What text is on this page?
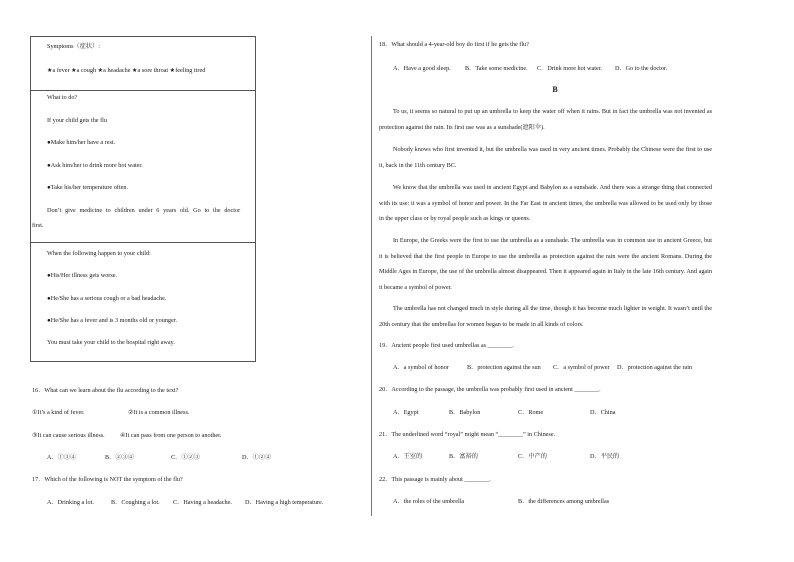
Symptoms（症状）:
★a fever ★a cough ★a headache ★a sore throat ★feeling tired
What to do?
If your child gets the flu
●Make him/her have a rest.
●Ask him/her to drink more hot water.
●Take his/her temperature often.
Don’t give medicine to children under 6 years old. Go to the doctor
first.
When the following happen to your child:
●His/Her illness gets worse.
●He/She has a serious cough or a bad headache.
●He/She has a fever and is 3 months old or younger.
You must take your child to the hospital right away.
16．What can we learn about the flu according to the text?
①It’s a kind of fever.	②It is a common illness.
③It can cause serious illness. ④It can pass from one person to another.
A．①③④	B．②③④	C．①②③	D．①②④
17．Which of the following is NOT the symptom of the flu?
A．Drinking a lot.	B．Coughing a lot. C．Having a headache. D．Having a high temperature.
18．What should a 4-year-old boy do first if he gets the flu?
A．Have a good sleep. B．Take some medicine. C．Drink more hot water. D．Go to the doctor.
B
To us, it seems so natural to put up an umbrella to keep the water off when it rains. But in fact the umbrella was not invented as protection against the rain. Its first use was as a sunshade(遮阳伞).
Nobody knows who first invented it, but the umbrella was used in very ancient times. Probably the Chinese were the first to use it, back in the 11th century BC.
We know that the umbrella was used in ancient Egypt and Babylon as a sunshade. And there was a strange thing that connected with its use: it was a symbol of honor and power. In the Far East in ancient times, the umbrella was allowed to be used only by those in the upper class or by royal people such as kings or queens.
In Europe, the Greeks were the first to use the umbrella as a sunshade. The umbrella was in common use in ancient Greece, but it is believed that the first people in Europe to use the umbrella as protection against the rain were the ancient Romans. During the Middle Ages in Europe, the use of the umbrella almost disappeared. Then it appeared again in Italy in the late 16th century. And again it became a symbol of power.
The umbrella has not changed much in style during all the time, though it has become much lighter in weight. It wasn’t until the 20th century that the umbrellas for women began to be made in all kinds of colors.
19．Ancient people first used umbrellas as ________.
A．a symbol of honor	B．protection against the sun C．a symbol of power D．protection against the rain
20．According to the passage, the umbrella was probably first used in ancient ________.
A．Egypt	B．Babylon	C．Rome	D．China
21．The underlined word “royal” might mean “________” in Chinese.
A．王室的	B．富裕的	C．中产的	D．平民的
22．This passage is mainly about ________.
A．the roles of the umbrella	B．the differences among umbrellas
